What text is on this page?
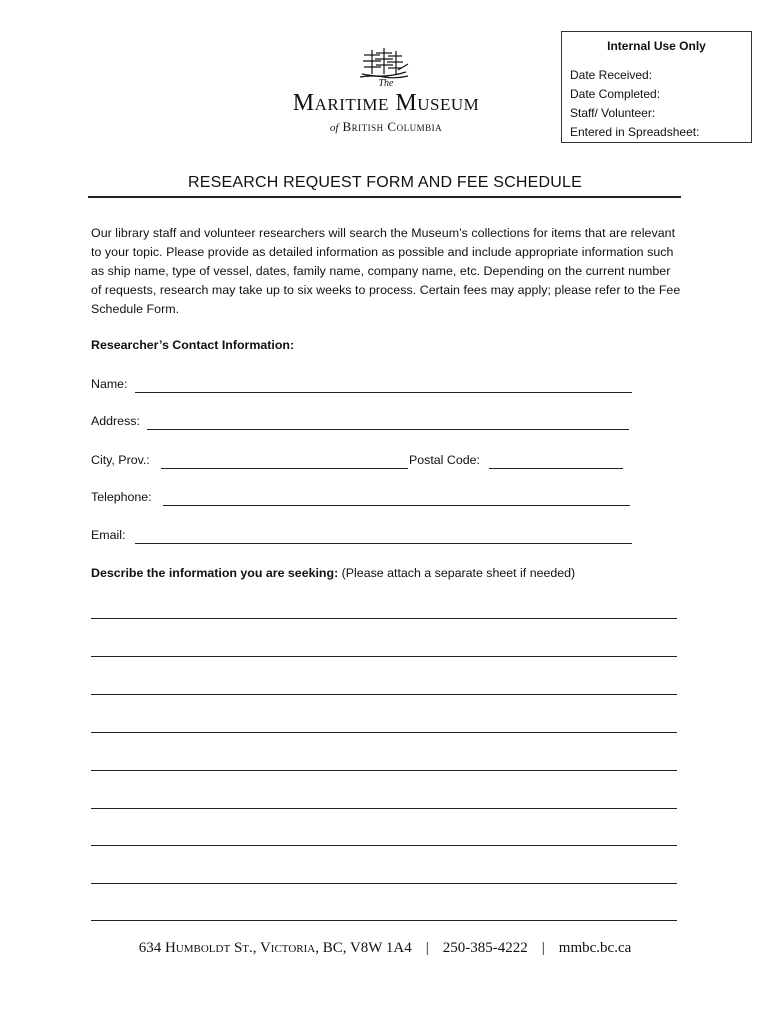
The
Maritime Museum
of British Columbia
Internal Use Only
Date Received:
Date Completed:
Staff/ Volunteer:
Entered in Spreadsheet:
RESEARCH REQUEST FORM AND FEE SCHEDULE
Our library staff and volunteer researchers will search the Museum’s collections for items that are relevant to your topic. Please provide as detailed information as possible and include appropriate information such as ship name, type of vessel, dates, family name, company name, etc. Depending on the current number of requests, research may take up to six weeks to process. Certain fees may apply; please refer to the Fee Schedule Form.
Researcher’s Contact Information:
Name:
Address:
City, Prov.:	Postal Code:
Telephone:
Email:
Describe the information you are seeking: (Please attach a separate sheet if needed)
634 Humboldt St., Victoria, BC, V8W 1A4 | 250-385-4222 | mmbc.bc.ca
